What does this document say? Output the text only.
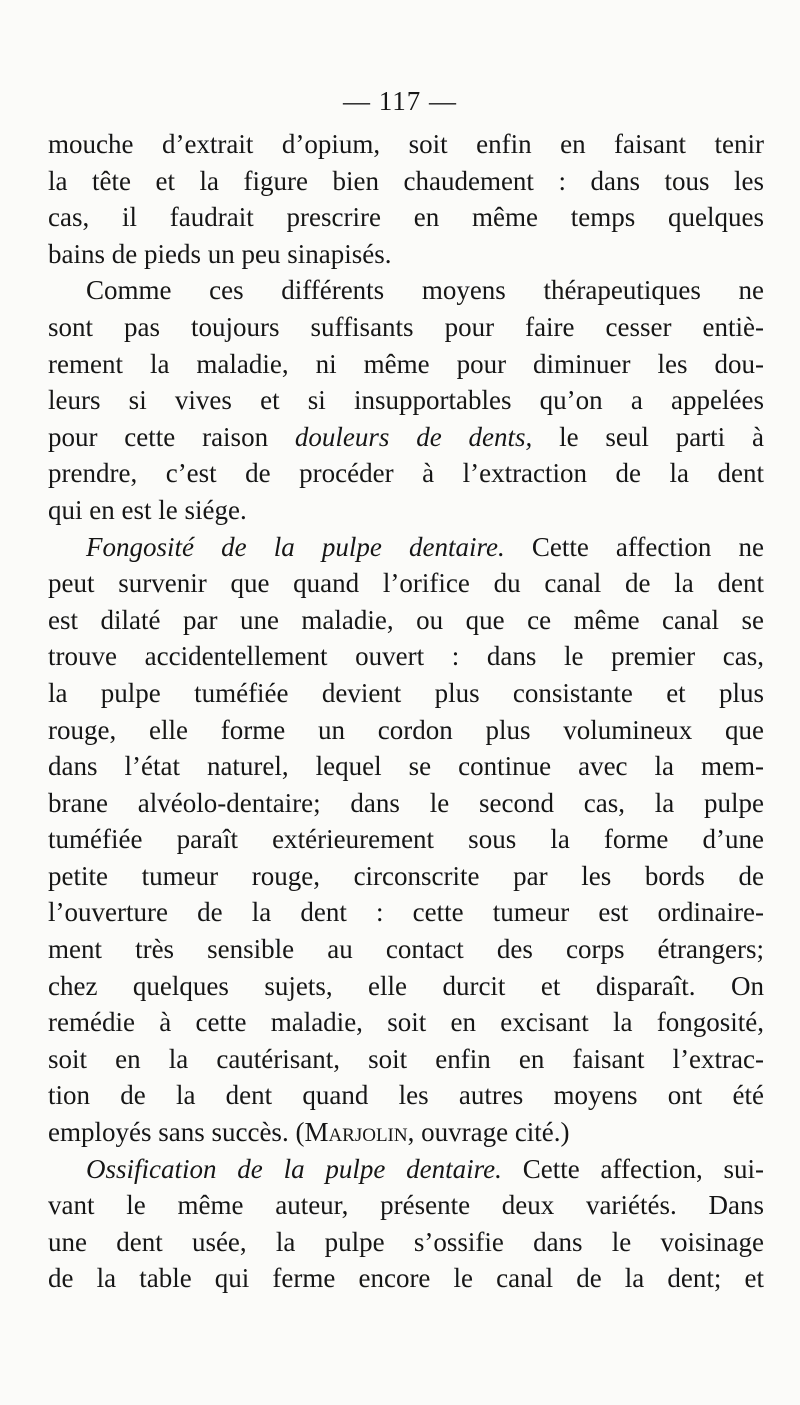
— 117 —
mouche d’extrait d’opium, soit enfin en faisant tenir
la tête et la figure bien chaudement : dans tous les
cas, il faudrait prescrire en même temps quelques
bains de pieds un peu sinapisés.
Comme ces différents moyens thérapeutiques ne
sont pas toujours suffisants pour faire cesser entiè-
rement la maladie, ni même pour diminuer les dou-
leurs si vives et si insupportables qu’on a appelées
pour cette raison douleurs de dents, le seul parti à
prendre, c’est de procéder à l’extraction de la dent
qui en est le siége.
Fongosité de la pulpe dentaire. Cette affection ne
peut survenir que quand l’orifice du canal de la dent
est dilaté par une maladie, ou que ce même canal se
trouve accidentellement ouvert : dans le premier cas,
la pulpe tuméfiée devient plus consistante et plus
rouge, elle forme un cordon plus volumineux que
dans l’état naturel, lequel se continue avec la mem-
brane alvéolo-dentaire; dans le second cas, la pulpe
tuméfiée paraît extérieurement sous la forme d’une
petite tumeur rouge, circonscrite par les bords de
l’ouverture de la dent : cette tumeur est ordinaire-
ment très sensible au contact des corps étrangers;
chez quelques sujets, elle durcit et disparaît. On
remédie à cette maladie, soit en excisant la fongosité,
soit en la cautérisant, soit enfin en faisant l’extrac-
tion de la dent quand les autres moyens ont été
employés sans succès. (Marjolin, ouvrage cité.)
Ossification de la pulpe dentaire. Cette affection, sui-
vant le même auteur, présente deux variétés. Dans
une dent usée, la pulpe s’ossifie dans le voisinage
de la table qui ferme encore le canal de la dent; et
